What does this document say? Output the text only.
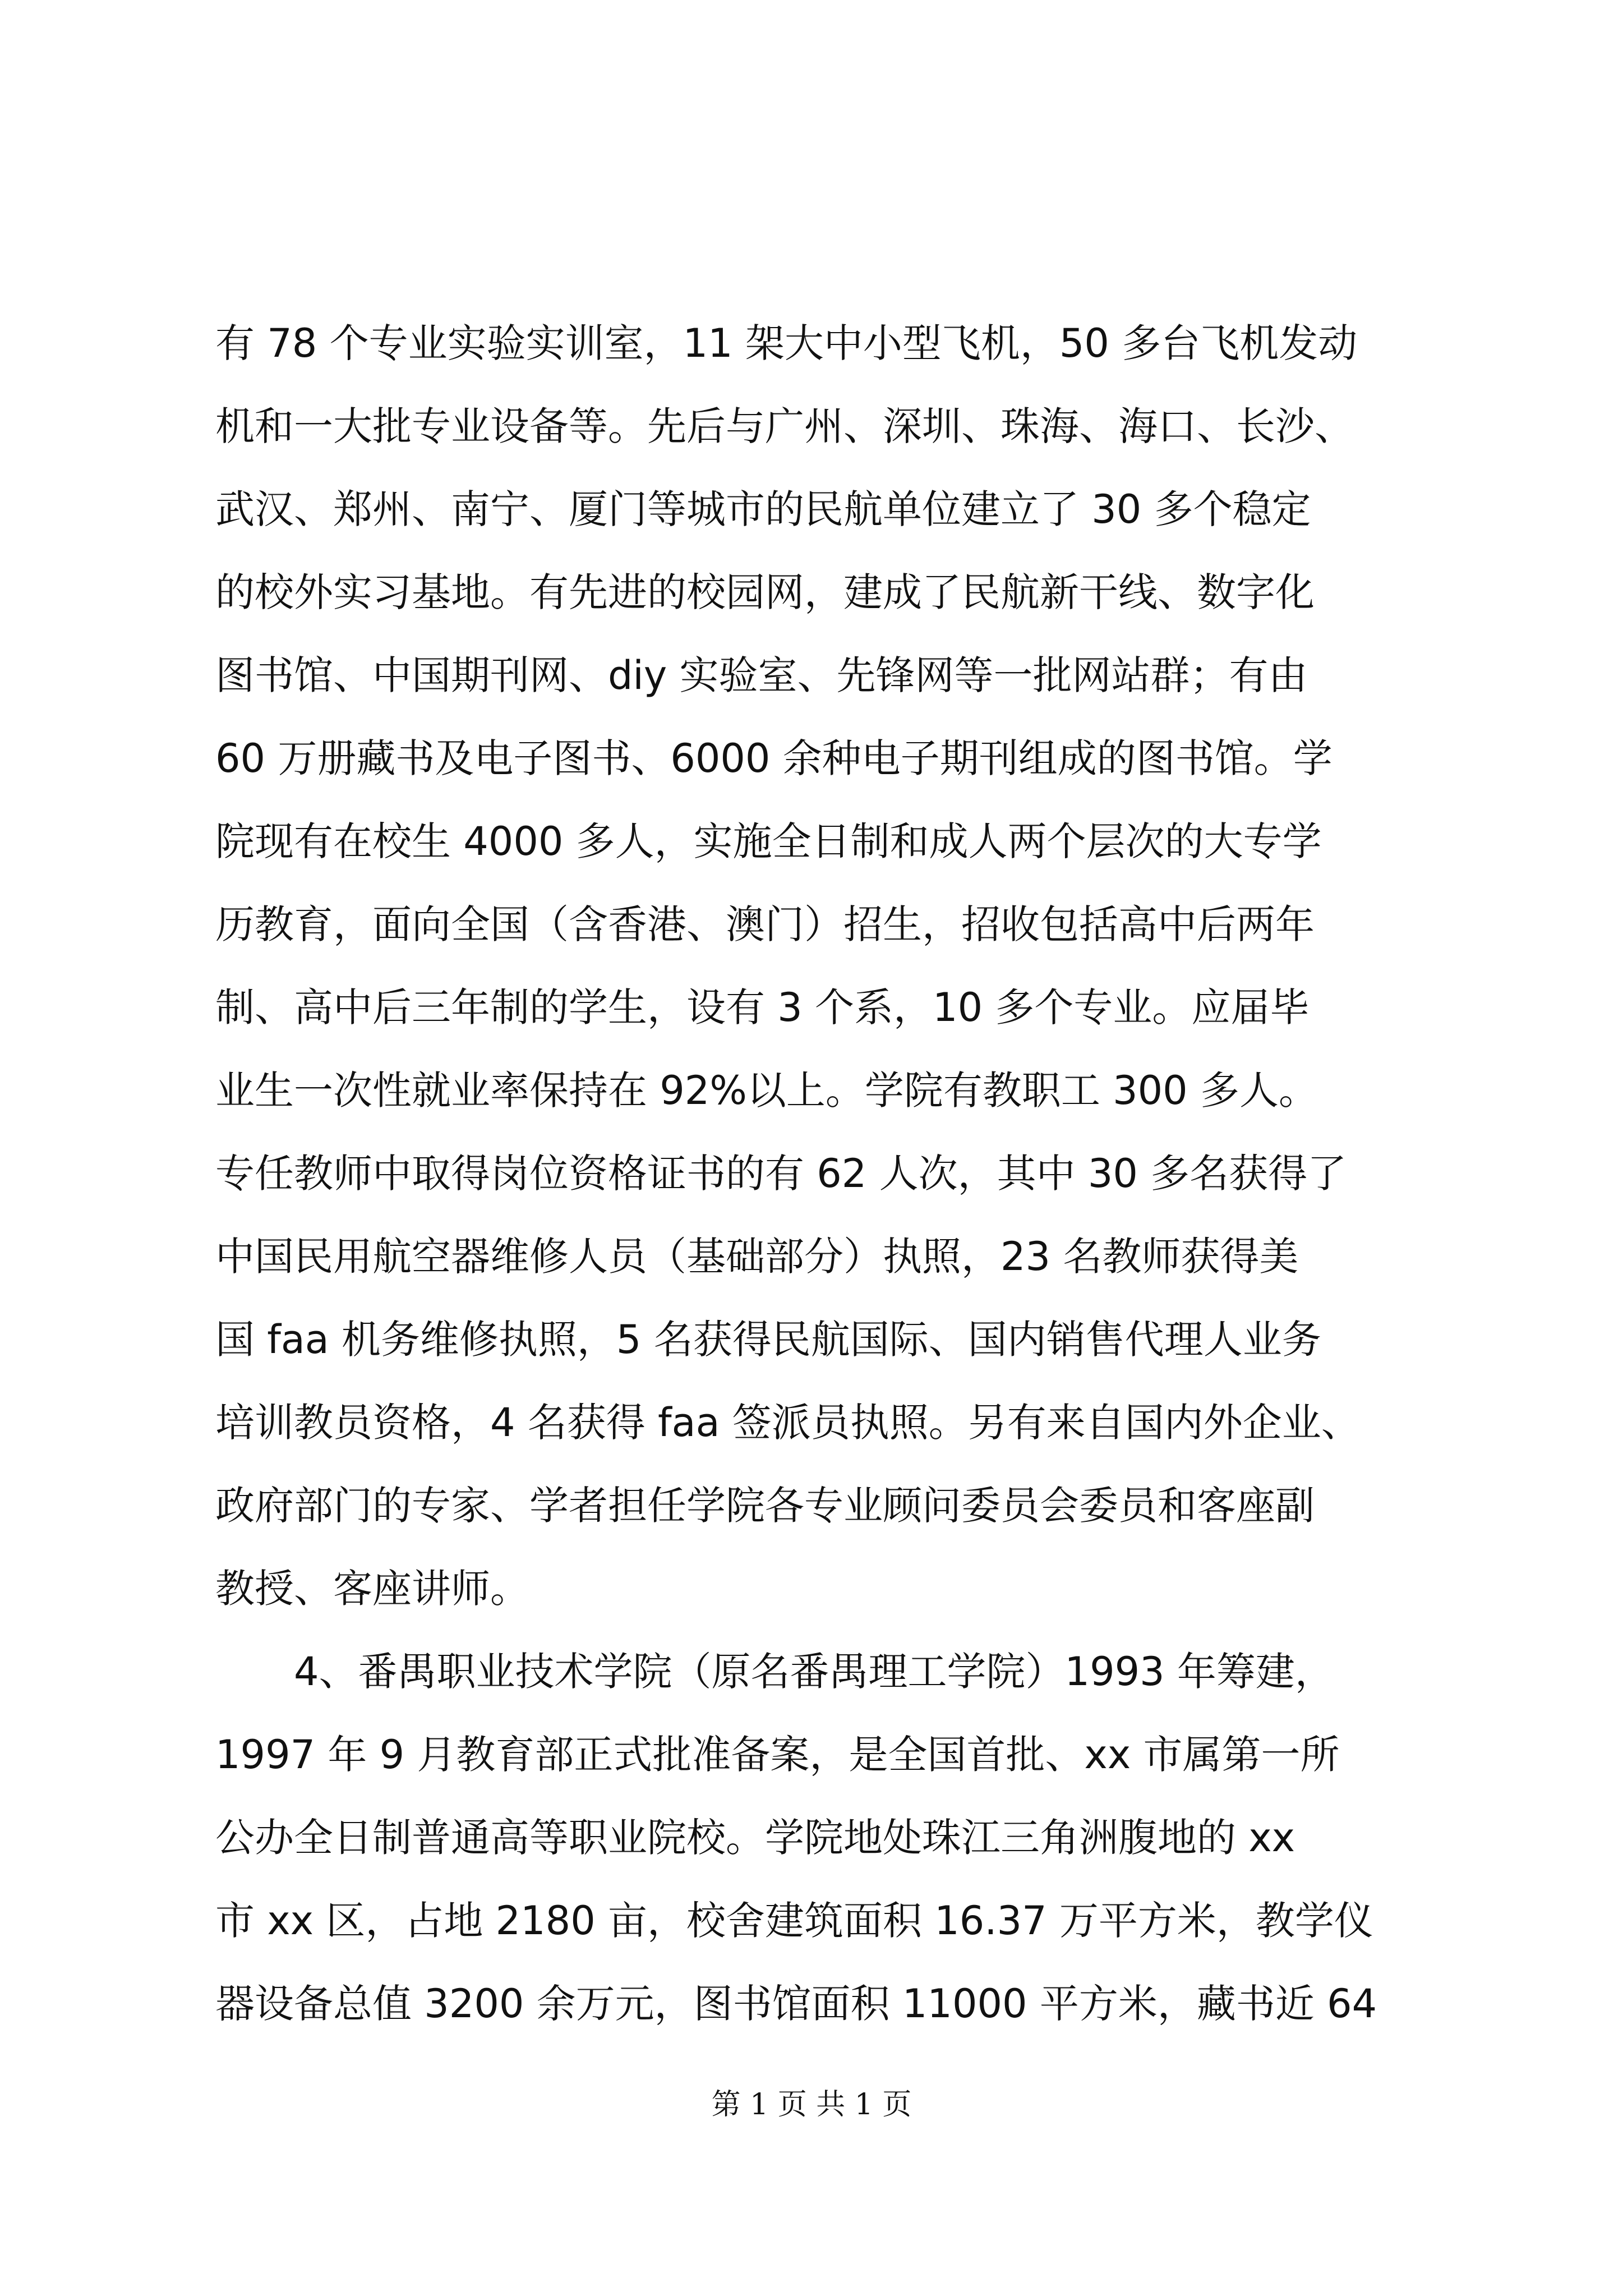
有 78 个专业实验实训室，11 架大中小型飞机，50 多台飞机发动
机和一大批专业设备等。先后与广州、深圳、珠海、海口、长沙、
武汉、郑州、南宁、厦门等城市的民航单位建立了 30 多个稳定
的校外实习基地。有先进的校园网，建成了民航新干线、数字化
图书馆、中国期刊网、diy 实验室、先锋网等一批网站群；有由
60 万册藏书及电子图书、6000 余种电子期刊组成的图书馆。学
院现有在校生 4000 多人，实施全日制和成人两个层次的大专学
历教育，面向全国（含香港、澳门）招生，招收包括高中后两年
制、高中后三年制的学生，设有 3 个系，10 多个专业。应届毕
业生一次性就业率保持在 92%以上。学院有教职工 300 多人。
专任教师中取得岗位资格证书的有 62 人次，其中 30 多名获得了
中国民用航空器维修人员（基础部分）执照，23 名教师获得美
国 faa 机务维修执照，5 名获得民航国际、国内销售代理人业务
培训教员资格，4 名获得 faa 签派员执照。另有来自国内外企业、
政府部门的专家、学者担任学院各专业顾问委员会委员和客座副
教授、客座讲师。
4、番禺职业技术学院（原名番禺理工学院）1993 年筹建，
1997 年 9 月教育部正式批准备案，是全国首批、xx 市属第一所
公办全日制普通高等职业院校。学院地处珠江三角洲腹地的 xx
市 xx 区，占地 2180 亩，校舍建筑面积 16.37 万平方米，教学仪
器设备总值 3200 余万元，图书馆面积 11000 平方米，藏书近 64
第 1 页 共 1 页
